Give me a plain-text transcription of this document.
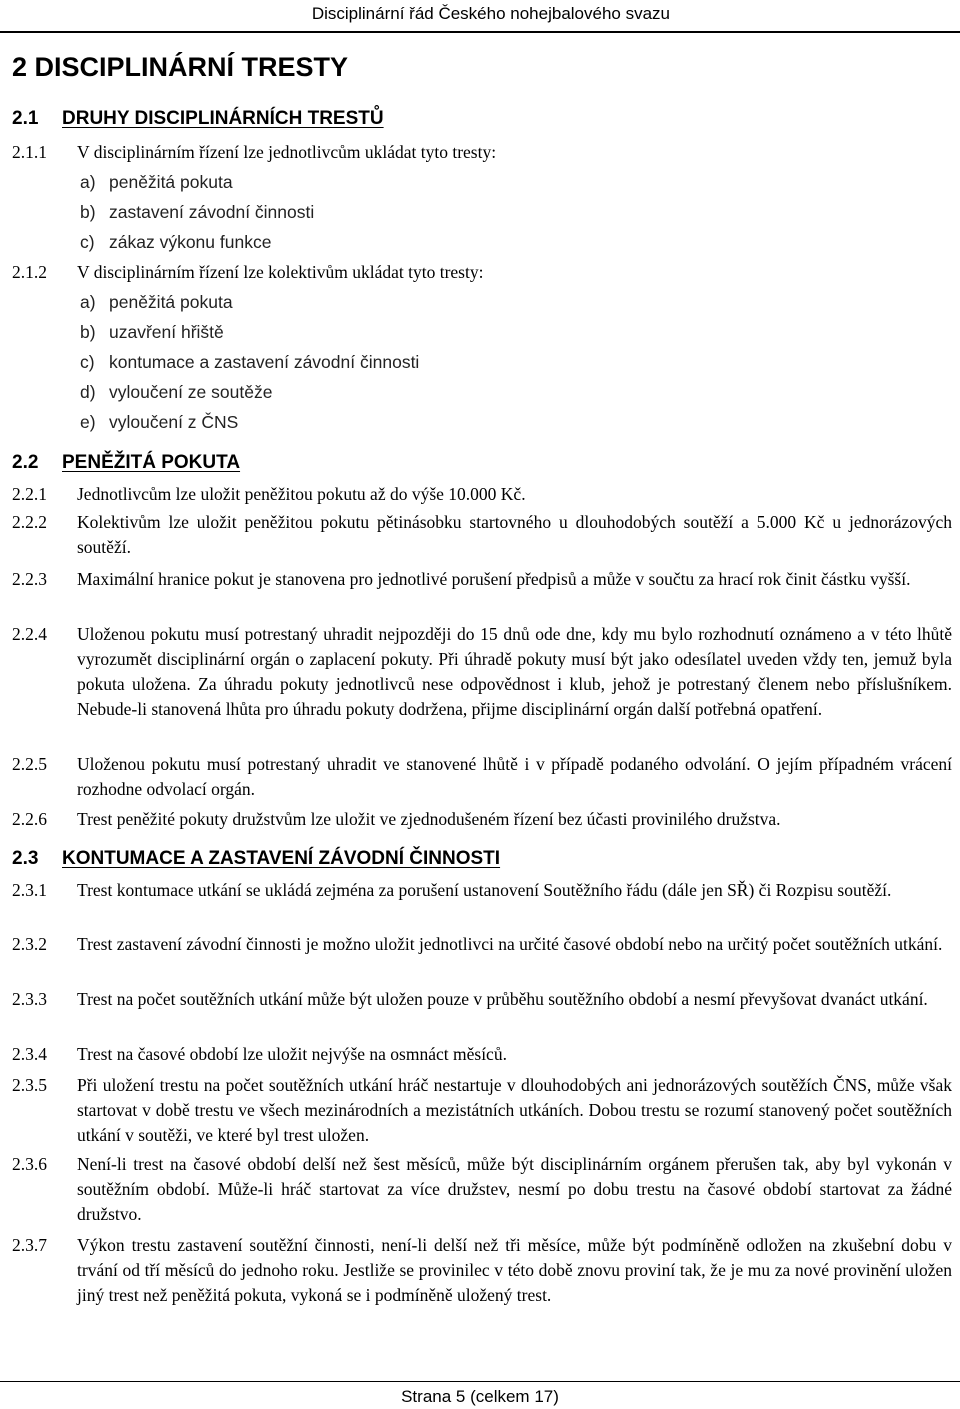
Disciplinární řád Českého nohejbalového svazu
2 DISCIPLINÁRNÍ TRESTY
2.1 DRUHY DISCIPLINÁRNÍCH TRESTŮ
2.1.1 V disciplinárním řízení lze jednotlivcům ukládat tyto tresty:
a) peněžitá pokuta
b) zastavení závodní činnosti
c) zákaz výkonu funkce
2.1.2 V disciplinárním řízení lze kolektivům ukládat tyto tresty:
a) peněžitá pokuta
b) uzavření hřiště
c) kontumace a zastavení závodní činnosti
d) vyloučení ze soutěže
e) vyloučení z ČNS
2.2 PENĚŽITÁ POKUTA
2.2.1 Jednotlivcům lze uložit peněžitou pokutu až do výše 10.000 Kč.
2.2.2 Kolektivům lze uložit peněžitou pokutu pětinásobku startovného u dlouhodobých soutěží a 5.000 Kč u jednorázových soutěží.
2.2.3 Maximální hranice pokut je stanovena pro jednotlivé porušení předpisů a může v součtu za hrací rok činit částku vyšší.
2.2.4 Uloženou pokutu musí potrestaný uhradit nejpozději do 15 dnů ode dne, kdy mu bylo rozhodnutí oznámeno a v této lhůtě vyrozumět disciplinární orgán o zaplacení pokuty. Při úhradě pokuty musí být jako odesílatel uveden vždy ten, jemuž byla pokuta uložena. Za úhradu pokuty jednotlivců nese odpovědnost i klub, jehož je potrestaný členem nebo příslušníkem. Nebude-li stanovená lhůta pro úhradu pokuty dodržena, přijme disciplinární orgán další potřebná opatření.
2.2.5 Uloženou pokutu musí potrestaný uhradit ve stanovené lhůtě i v případě podaného odvolání. O jejím případném vrácení rozhodne odvolací orgán.
2.2.6 Trest peněžité pokuty družstvům lze uložit ve zjednodušeném řízení bez účasti provinilého družstva.
2.3 KONTUMACE A ZASTAVENÍ ZÁVODNÍ ČINNOSTI
2.3.1 Trest kontumace utkání se ukládá zejména za porušení ustanovení Soutěžního řádu (dále jen SŘ) či Rozpisu soutěží.
2.3.2 Trest zastavení závodní činnosti je možno uložit jednotlivci na určité časové období nebo na určitý počet soutěžních utkání.
2.3.3 Trest na počet soutěžních utkání může být uložen pouze v průběhu soutěžního období a nesmí převyšovat dvanáct utkání.
2.3.4 Trest na časové období lze uložit nejvýše na osmnáct měsíců.
2.3.5 Při uložení trestu na počet soutěžních utkání hráč nestartuje v dlouhodobých ani jednorázových soutěžích ČNS, může však startovat v době trestu ve všech mezinárodních a mezistátních utkáních. Dobou trestu se rozumí stanovený počet soutěžních utkání v soutěži, ve které byl trest uložen.
2.3.6 Není-li trest na časové období delší než šest měsíců, může být disciplinárním orgánem přerušen tak, aby byl vykonán v soutěžním období. Může-li hráč startovat za více družstev, nesmí po dobu trestu na časové období startovat za žádné družstvo.
2.3.7 Výkon trestu zastavení soutěžní činnosti, není-li delší než tři měsíce, může být podmíněně odložen na zkušební dobu v trvání od tří měsíců do jednoho roku. Jestliže se provinilec v této době znovu proviní tak, že je mu za nové provinění uložen jiný trest než peněžitá pokuta, vykoná se i podmíněně uložený trest.
Strana 5 (celkem 17)
